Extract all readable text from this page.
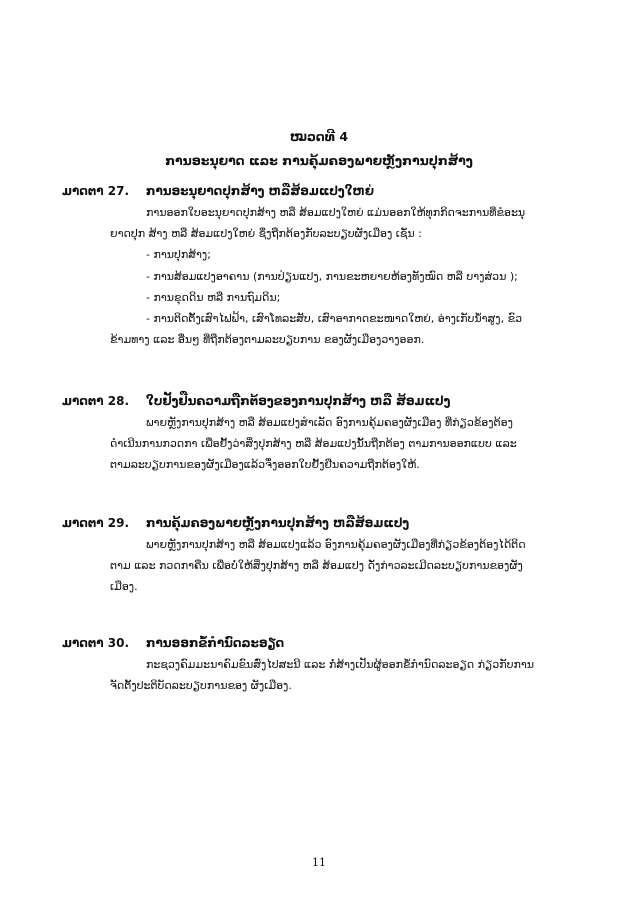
ໝວດທີ 4
ການອະນຸຍາດ ແລະ ການຄຸ້ມຄອງພາຍຫຼັງການປຸກສ້າງ
ມາດຕາ 27.	ການອະນຸຍາດປຸກສ້າງ ຫລືສ້ອມແປງໃຫຍ່
ການອອກໃບອະນຸຍາດປຸກສ້າງ ຫລື ສ້ອມແປງໃຫຍ່ ແມ່ນອອກໃຫ້ທຸກກິດຈະການທີ່ຂໍອະນຸ
ຍາດປຸກ ສ້າງ ຫລື ສ້ອມແປງໃຫຍ່ ຊຶ່ງຖືກຕ້ອງກັບລະບຽບຜັງເມືອງ ເຊັ່ນ :
- ການປຸກສ້າງ;
- ການສ້ອມແປງອາຄານ (ການປ່ຽນແປງ, ການຂະຫຍາຍຫ້ອງທັງໝົດ ຫລື ບາງສ່ວນ );
- ການຂຸດດິນ ຫລື ການຖົມດິນ;
- ການຕິດຕັ້ງເສົາໄຟຟ້າ, ເສົາໂທລະສັບ, ເສົາອາກາດຂະໜາດໃຫຍ່, ອ່າງເກັບນ້ຳສູງ, ຂົວ
ຂ້າມທາງ ແລະ ອື່ນໆ ທີ່ຖືກຕ້ອງຕາມລະບຽບການ ຂອງຜັງເມືອງວາງອອກ.
ມາດຕາ 28.	ໃບຢັ້ງຢືນຄວາມຖືກຕ້ອງຂອງການປຸກສ້າງ ຫລື ສ້ອມແປງ
ພາຍຫຼັງການປຸກສ້າງ ຫລື ສ້ອມແປງສຳເລັດ ອົງການຄຸ້ມຄອງຜັງເມືອງ ທີ່ກ່ຽວຂ້ອງຕ້ອງ
ດຳເນີນການກວດກາ ເພື່ອຢັ້ງວ່າສິ່ງປຸກສ້າງ ຫລື ສ້ອມແປງນັ້ນຖືກຕ້ອງ ຕາມການອອກແບບ ແລະ
ຕາມລະບຽບການຂອງຜັງເມືອງແລ້ວຈຶ່ງອອກໃບຢັ້ງຢືນຄວາມຖືກຕ້ອງໃຫ້.
ມາດຕາ 29.	ການຄຸ້ມຄອງພາຍຫຼັງການປຸກສ້າງ ຫລືສ້ອມແປງ
ພາຍຫຼັງການປຸກສ້າງ ຫລື ສ້ອມແປງແລ້ວ ອົງການຄຸ້ມຄອງຜັງເມືອງທີ່ກ່ຽວຂ້ອງຕ້ອງໄດ້ຕິດ
ຕາມ ແລະ ກວດກາຄືນ ເພື່ອບໍ່ໃຫ້ສິ່ງປຸກສ້າງ ຫລື ສ້ອມແປງ ດັ່ງກ່າວລະເມີດລະບຽບການຂອງຜັງ
ເມືອງ.
ມາດຕາ 30.	ການອອກຂໍ້ກຳນົດລະອຽດ
ກະຊວງຄົມມະນາຄົມຂົນສົ່ງໄປສະນີ ແລະ ກໍ່ສ້າງເປັນຜູ້ອອກຂໍ້ກຳນົດລະອຽດ ກ່ຽວກັບການ
ຈັດຕັ້ງປະຕິບັດລະບຽບການຂອງ ຜັງເມືອງ.
11
